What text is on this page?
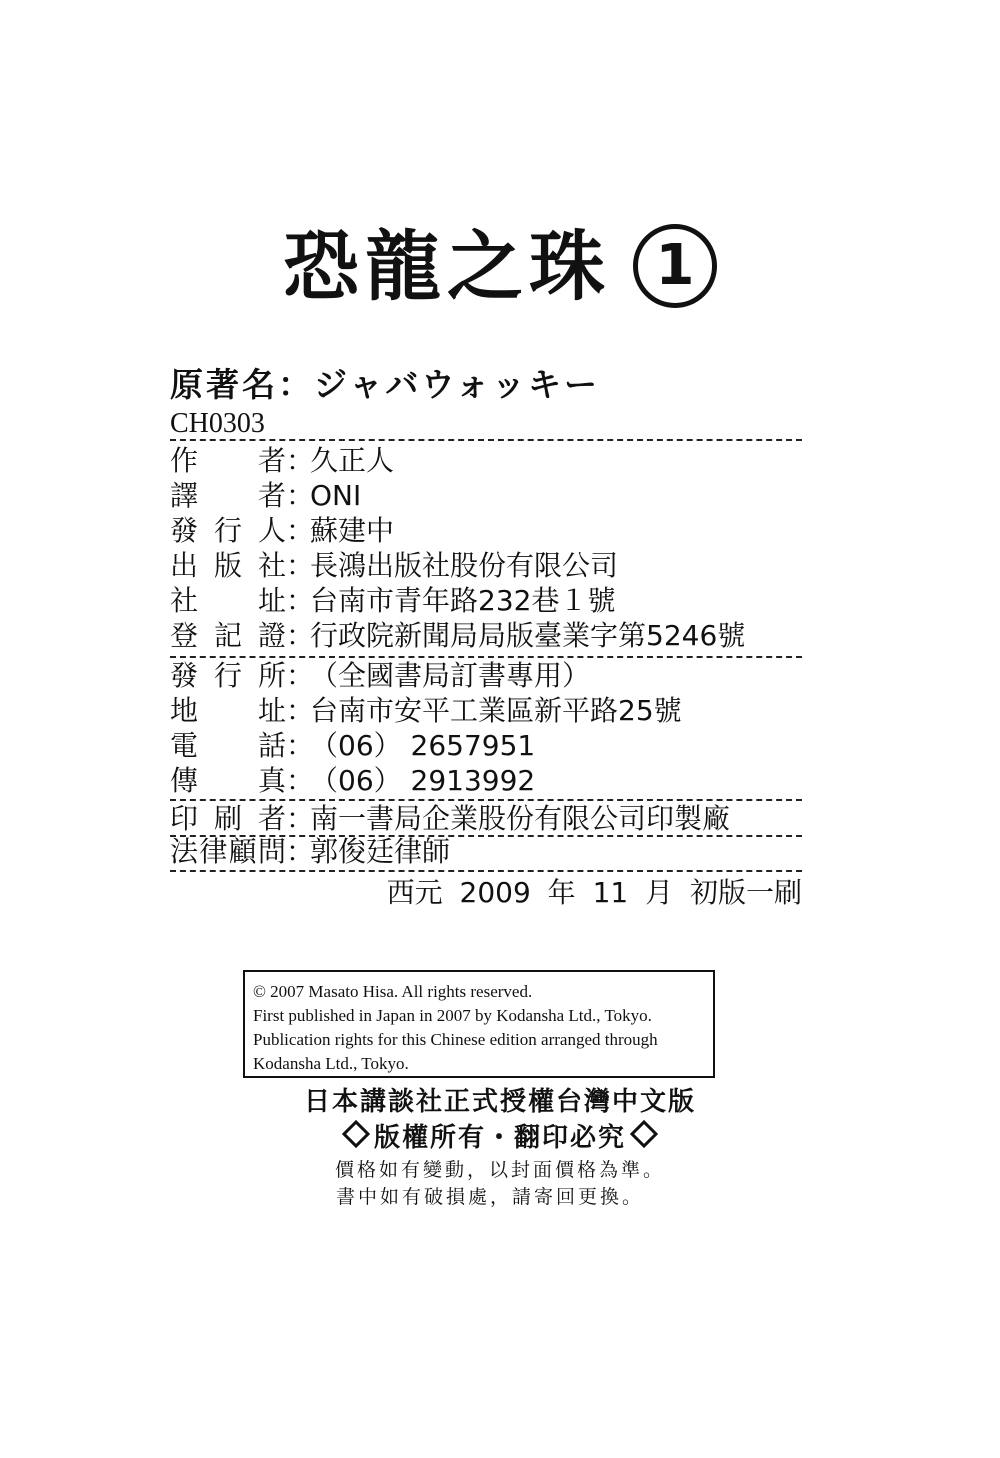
恐龍之珠 1
原著名：ジャバウォッキー
CH0303
作者：久正人
譯者：ONI
發行人：蘇建中
出版社：長鴻出版社股份有限公司
社址：台南市青年路232巷１號
登記證：行政院新聞局局版臺業字第5246號
發行所：（全國書局訂書專用）
地址：台南市安平工業區新平路25號
電話：（06） 2657951
傳真：（06） 2913992
印刷者：南一書局企業股份有限公司印製廠
法律顧問：郭俊廷律師
西元 2009 年 11 月 初版一刷
© 2007 Masato Hisa. All rights reserved.
First published in Japan in 2007 by Kodansha Ltd., Tokyo.
Publication rights for this Chinese edition arranged through
Kodansha Ltd., Tokyo.
日本講談社正式授權台灣中文版
版權所有・翻印必究
價格如有變動，以封面價格為準。
書中如有破損處，請寄回更換。
